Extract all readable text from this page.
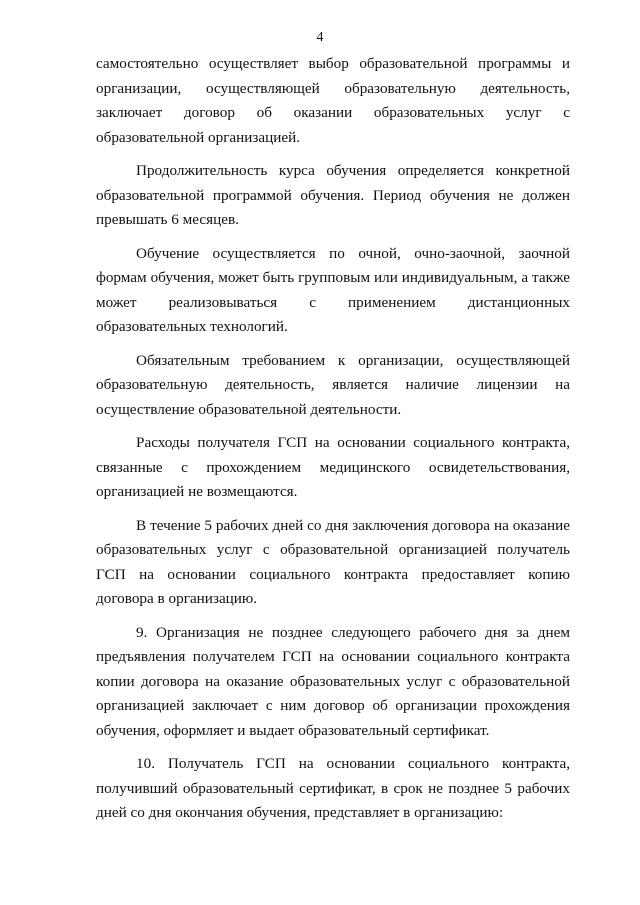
4

самостоятельно осуществляет выбор образовательной программы и организации, осуществляющей образовательную деятельность, заключает договор об оказании образовательных услуг с образовательной организацией.

Продолжительность курса обучения определяется конкретной образовательной программой обучения. Период обучения не должен превышать 6 месяцев.

Обучение осуществляется по очной, очно-заочной, заочной формам обучения, может быть групповым или индивидуальным, а также может реализовываться с применением дистанционных образовательных технологий.

Обязательным требованием к организации, осуществляющей образовательную деятельность, является наличие лицензии на осуществление образовательной деятельности.

Расходы получателя ГСП на основании социального контракта, связанные с прохождением медицинского освидетельствования, организацией не возмещаются.

В течение 5 рабочих дней со дня заключения договора на оказание образовательных услуг с образовательной организацией получатель ГСП на основании социального контракта предоставляет копию договора в организацию.

9. Организация не позднее следующего рабочего дня за днем предъявления получателем ГСП на основании социального контракта копии договора на оказание образовательных услуг с образовательной организацией заключает с ним договор об организации прохождения обучения, оформляет и выдает образовательный сертификат.

10. Получатель ГСП на основании социального контракта, получивший образовательный сертификат, в срок не позднее 5 рабочих дней со дня окончания обучения, представляет в организацию:
